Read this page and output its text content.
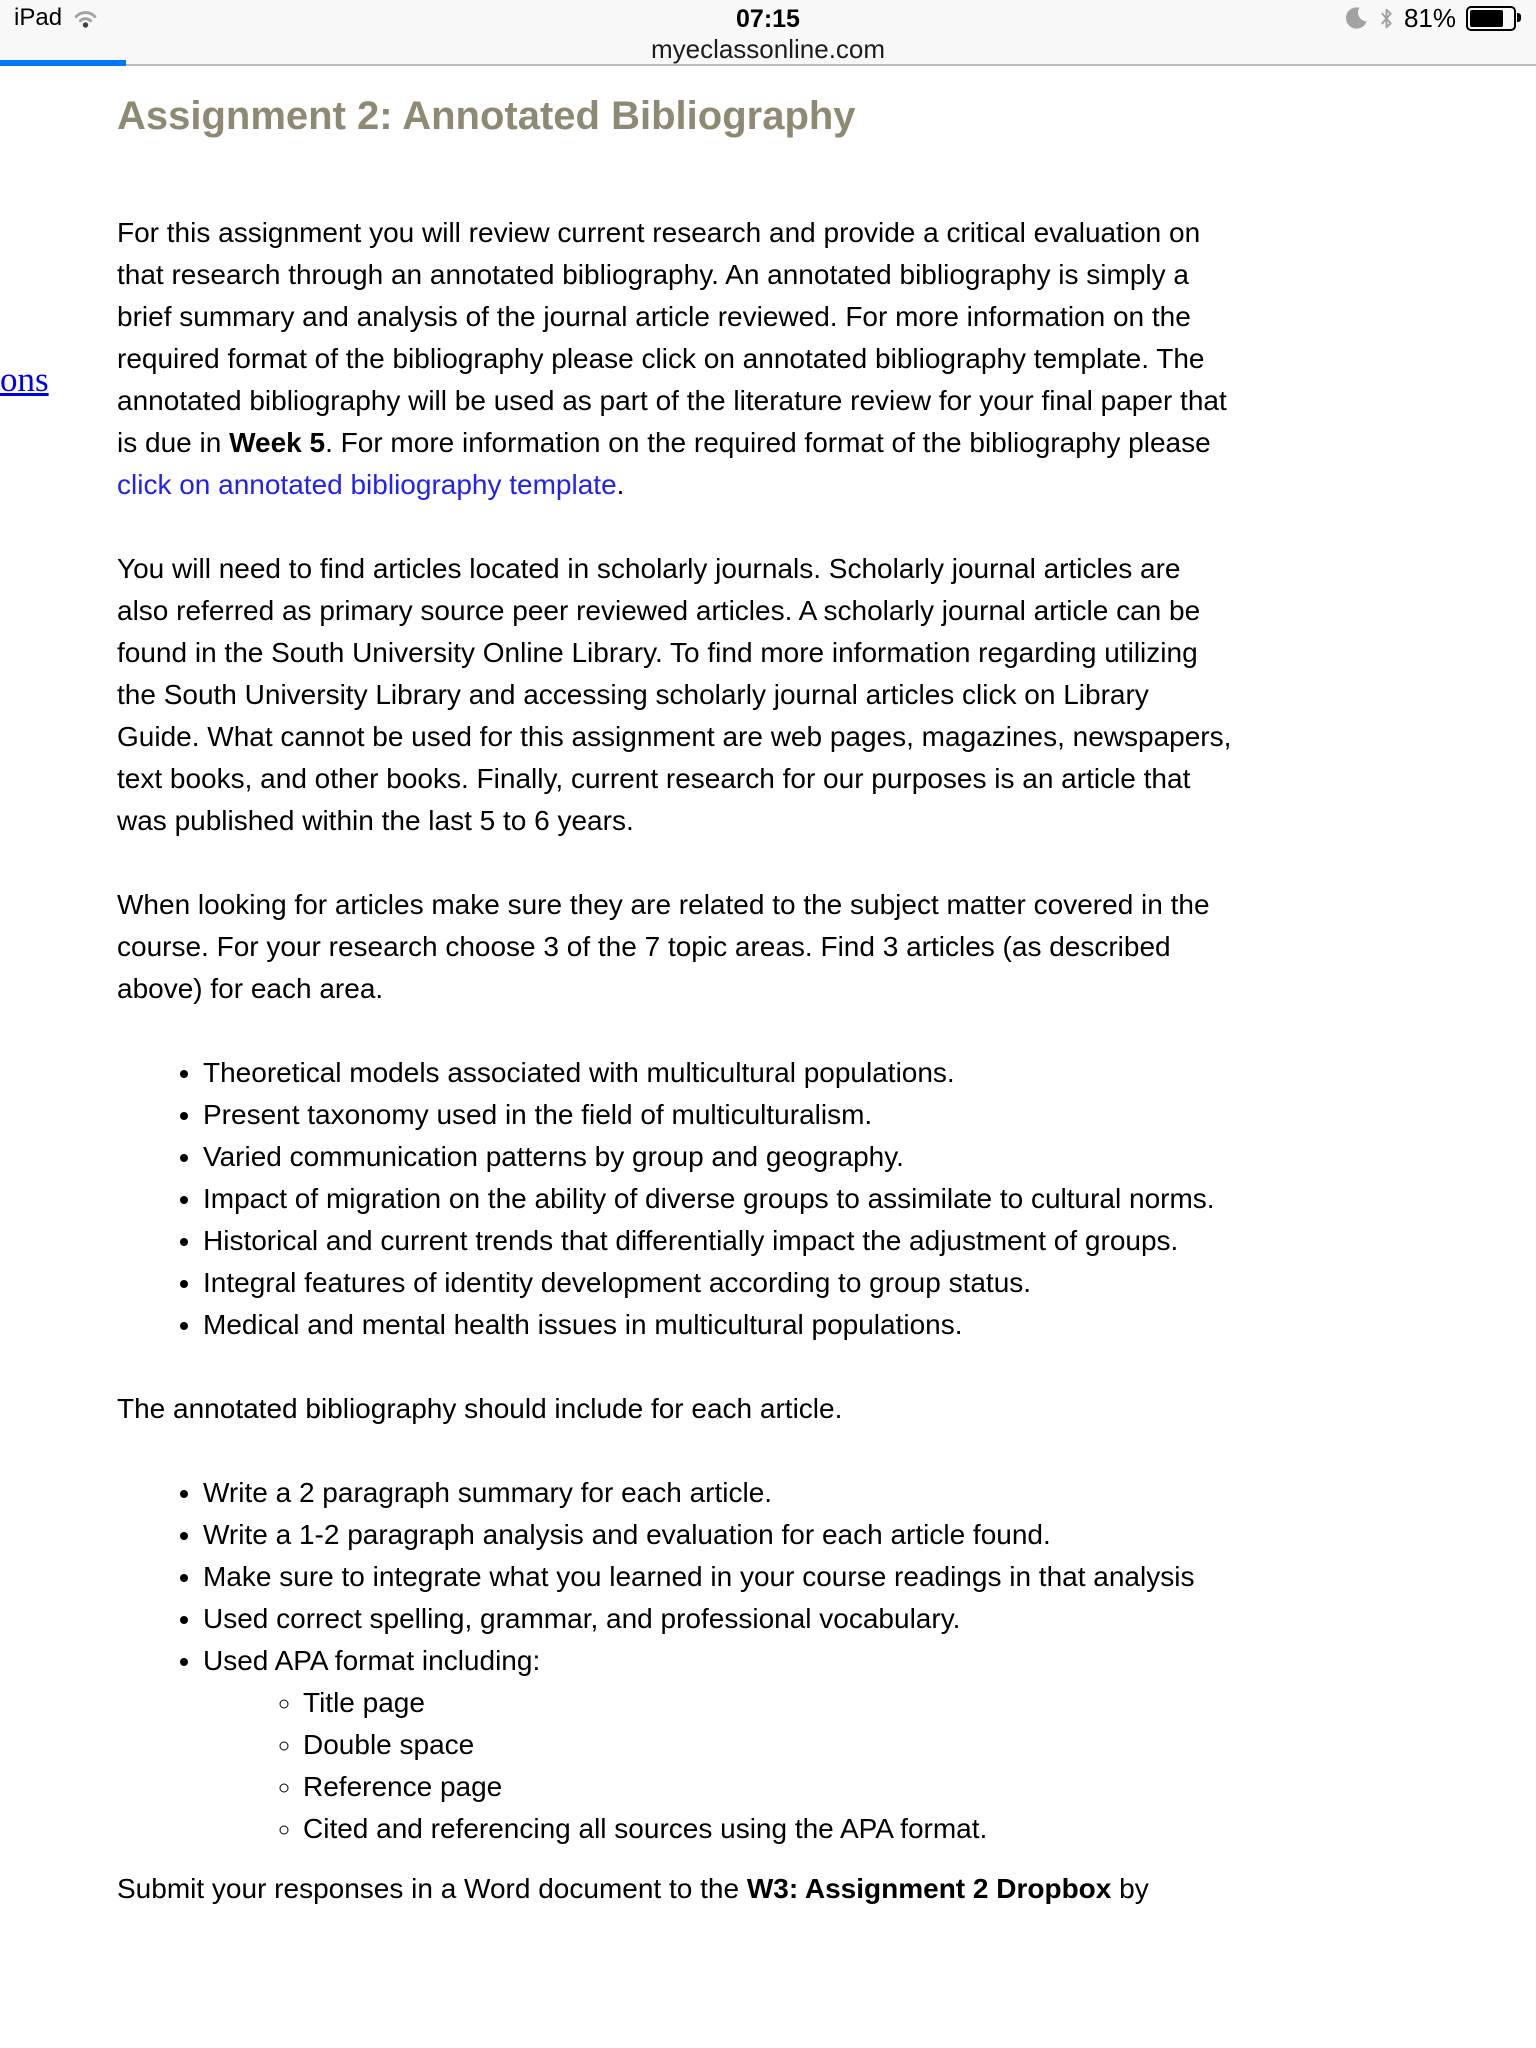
iPad	07:15	81%
myeclassonline.com
ons
Assignment 2: Annotated Bibliography

For this assignment you will review current research and provide a critical evaluation on that research through an annotated bibliography. An annotated bibliography is simply a brief summary and analysis of the journal article reviewed. For more information on the required format of the bibliography please click on annotated bibliography template. The annotated bibliography will be used as part of the literature review for your final paper that is due in Week 5. For more information on the required format of the bibliography please click on annotated bibliography template.

You will need to find articles located in scholarly journals. Scholarly journal articles are also referred as primary source peer reviewed articles. A scholarly journal article can be found in the South University Online Library. To find more information regarding utilizing the South University Library and accessing scholarly journal articles click on Library Guide. What cannot be used for this assignment are web pages, magazines, newspapers, text books, and other books. Finally, current research for our purposes is an article that was published within the last 5 to 6 years.

When looking for articles make sure they are related to the subject matter covered in the course. For your research choose 3 of the 7 topic areas. Find 3 articles (as described above) for each area.

• Theoretical models associated with multicultural populations.
• Present taxonomy used in the field of multiculturalism.
• Varied communication patterns by group and geography.
• Impact of migration on the ability of diverse groups to assimilate to cultural norms.
• Historical and current trends that differentially impact the adjustment of groups.
• Integral features of identity development according to group status.
• Medical and mental health issues in multicultural populations.

The annotated bibliography should include for each article.

• Write a 2 paragraph summary for each article.
• Write a 1-2 paragraph analysis and evaluation for each article found.
• Make sure to integrate what you learned in your course readings in that analysis
• Used correct spelling, grammar, and professional vocabulary.
• Used APA format including:
◦ Title page
◦ Double space
◦ Reference page
◦ Cited and referencing all sources using the APA format.

Submit your responses in a Word document to the W3: Assignment 2 Dropbox by
